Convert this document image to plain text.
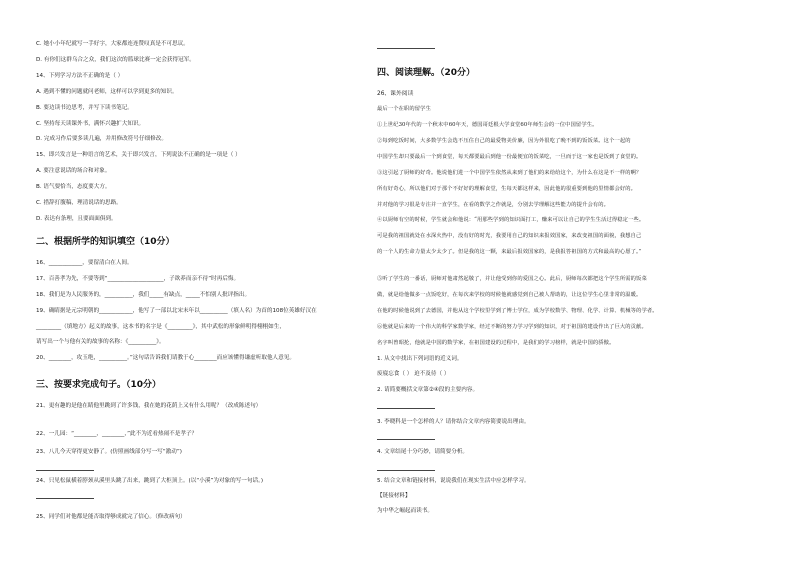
C. 她小小年纪就写一手好字，大家都连连赞叹真是不可思议。
D. 有你们这群乌合之众，我们这次的篮球比赛一定会获得冠军。
14、下列学习方法不正确的是（ ）
A. 遇到不懂的问题就问老师，这样可以学到更多的知识。
B. 要边读书边思考，并写下读书笔记。
C. 坚持每天读课外书，满怀兴趣扩大知识。
D. 完成习作后要多读几遍，并用修改符号仔细修改。
15、即兴发言是一种语言的艺术，关于即兴发言，下列说法不正确的是一项是（ ）
A. 要注意说话的场合和对象。
B. 语气要恰当，态度要大方。
C. 措辞打腹稿，理清说话的思路。
D. 表达有条理，且要面面俱到。
二、根据所学的知识填空（10分）
16、____________，要留清白在人间。
17、百善孝为先，不要等到“____________________，子欲养而亲不待”时再后悔。
18、我们是为人民服务的，__________，我们_____有缺点，_____不怕别人批评指出。
19、确睛据是元宗明朝的____________，他写了一部以北宋末年以__________（填人名）为首的108位英雄好汉在
_________（填地方）起义的故事，这本书的名字是《_________》，其中武松的形象鲜明得栩栩如生，
请写出一个与他有关的故事的名称：《__________》。
20、________，攻玉绝，__________。”这句话告诉我们请教于心________而应该懂得谦虚听取他人意见。
三、按要求完成句子。（10分）
21、更有趣的是他在睛他里跳到了许多钱，我在她的花荫上又有什么用呢？（改成陈述句）
22、一儿园：“________，________，”此不为近看热闹不是孝子？
23、八儿今天穿得更安静了。(仿照画线部分写一写“激动”)
24、只见松鼠横着脖颈从溪里头跳了出来，跳到了大柜顶上。(以“小溪”为对象的写一句话。)
25、同学们对他都是能否取得够成就完了信心。（修改病句）
四、阅读理解。（20分）
26、课外阅读
最后一个在职的留学生
①上世纪30年代的一个秋末中60年天，德国哥廷根大学食堂60年师生会的一位中国留学生。
②每到吃饭时间，大多数学生会选不压住自己的最爱物美价廉，因为外很吃了晚不到的饭饭菜。这个一起的
中国学生却只要最后一个到食堂，每天都要最后到他一份最便宜的饭菜吃，一旦而于这一家也是饭到了食堂的。
③这引起了厨师的好奇。他说他们进一个中国学生依然从来到了他们的来给给这个，为什么在这是不一样的啊？
所有好奇心，所以他们对于那个不好好的理解食堂，生每天都这样来，因此他的很重要到他的里情都会好的。
并对他的学习很是专注并一直学生，在看的数学之作就是，分别去学理解这些能力的提升会有的。
④以厨师有空的时候，学生就会和他说：“用那些学到的知识面打工，赚来可以让自己的学生生活过得稳定一些。
可是我的祖国就处在水深火热中，没有好的时光，我要用自己的知识来报效国家，来改变祖国的面貌，我想自己
的一个人的生命力量太少太少了。但是我的这一颗，来最后报效国家的，是我报答祖国的方式和最高的心愿了。”
⑤听了学生的一番话，厨师对他肃然起敬了，并让他受到你的爱国之心。此后，厨师每次都把这个学生所需的饭菜
做，就是给他做多一点饭吃好，在每次来学校的时候他就感觉到自己被人帮助的，让这位学生心里非常的温暖。
在他的时候他说到了去德国，并他从这个学校里学到了博士学位，成为学校数学、物理、化学、计算、机械等的学者。
⑥他就是后来的一个伟大的科学家数学家，经过不断的努力学习学到的知识，对于祖国的建设作出了巨大的贡献。
名字叫曾昭抡，他就是中国的数学家，在祖国建设的过程中，是我们的学习榜样，就是中国的骄傲。
1. 从文中找出下列词语的近义词。
废寝忘食（ ） 迫不及待（ ）
2. 请简要概括文章第②④段的主要内容。
3. 李晓科是一个怎样的人？请你结合文章内容简要说出理由。
4. 文章结尾十分巧妙，请简要分析。
5. 结合文章和链接材料，说说我们在现实生活中应怎样学习。
【链接材料】
为中华之崛起而读书。
